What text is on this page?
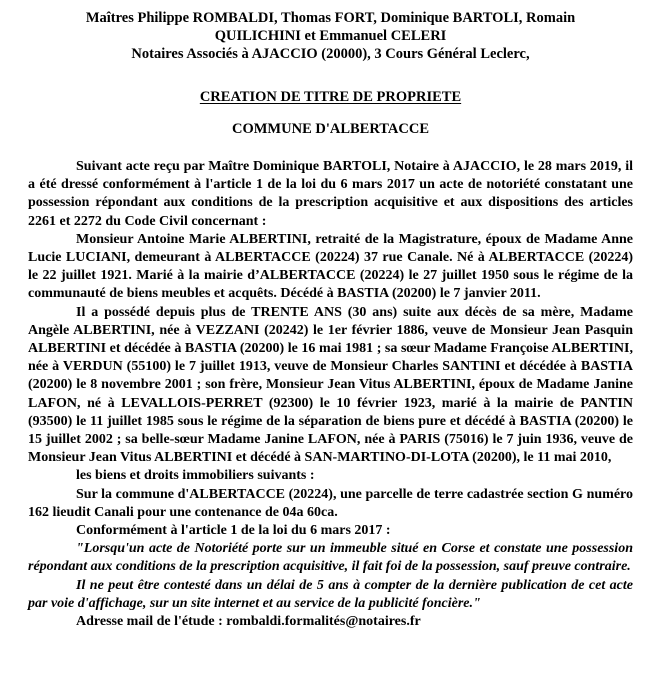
Maîtres Philippe ROMBALDI, Thomas FORT, Dominique BARTOLI, Romain
QUILICHINI et Emmanuel CELERI
Notaires Associés à AJACCIO (20000), 3 Cours Général Leclerc,
CREATION DE TITRE DE PROPRIETE
COMMUNE D'ALBERTACCE

Suivant acte reçu par Maître Dominique BARTOLI, Notaire à AJACCIO, le 28 mars 2019, il a été dressé conformément à l'article 1 de la loi du 6 mars 2017 un acte de notoriété constatant une possession répondant aux conditions de la prescription acquisitive et aux dispositions des articles 2261 et 2272 du Code Civil concernant :

Monsieur Antoine Marie ALBERTINI, retraité de la Magistrature, époux de Madame Anne Lucie LUCIANI, demeurant à ALBERTACCE (20224) 37 rue Canale. Né à ALBERTACCE (20224) le 22 juillet 1921. Marié à la mairie d’ALBERTACCE (20224) le 27 juillet 1950 sous le régime de la communauté de biens meubles et acquêts. Décédé à BASTIA (20200) le 7 janvier 2011.

Il a possédé depuis plus de TRENTE ANS (30 ans) suite aux décès de sa mère, Madame Angèle ALBERTINI, née à VEZZANI (20242) le 1er février 1886, veuve de Monsieur Jean Pasquin ALBERTINI et décédée à BASTIA (20200) le 16 mai 1981 ; sa sœur Madame Françoise ALBERTINI, née à VERDUN (55100) le 7 juillet 1913, veuve de Monsieur Charles SANTINI et décédée à BASTIA (20200) le 8 novembre 2001 ; son frère, Monsieur Jean Vitus ALBERTINI, époux de Madame Janine LAFON, né à LEVALLOIS-PERRET (92300) le 10 février 1923, marié à la mairie de PANTIN (93500) le 11 juillet 1985 sous le régime de la séparation de biens pure et décédé à BASTIA (20200) le 15 juillet 2002 ; sa belle-sœur Madame Janine LAFON, née à PARIS (75016) le 7 juin 1936, veuve de Monsieur Jean Vitus ALBERTINI et décédé à SAN-MARTINO-DI-LOTA (20200), le 11 mai 2010,

les biens et droits immobiliers suivants :

Sur la commune d'ALBERTACCE (20224), une parcelle de terre cadastrée section G numéro 162 lieudit Canali pour une contenance de 04a 60ca.

Conformément à l'article 1 de la loi du 6 mars 2017 :

"Lorsqu'un acte de Notoriété porte sur un immeuble situé en Corse et constate une possession répondant aux conditions de la prescription acquisitive, il fait foi de la possession, sauf preuve contraire.

Il ne peut être contesté dans un délai de 5 ans à compter de la dernière publication de cet acte par voie d'affichage, sur un site internet et au service de la publicité foncière."

Adresse mail de l'étude : rombaldi.formalités@notaires.fr
